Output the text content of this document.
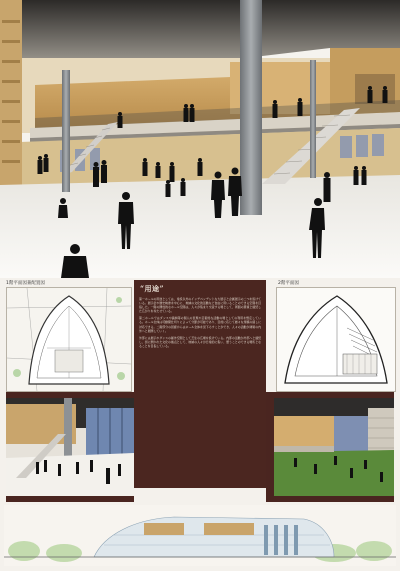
1階平面図兼配置図	2階平面図
“用途”
第一ホールの用途としては、常設以外のインデペンデントな大展示と企画展示の二つを設けている。展示会や歴史映像を中心に、地域の文化的活動など自由に用いることのできる空間を目指した。一階の開放的なホール空間は、人々が集まり交流する場として、周囲の環境と連続した広がりを持たせている。
第二ホールではダンスや演劇等の個人の表現や芸術的な活動の場としての利用を想定している。ホール全体は可動間仕切りによって分節が可能であり、目的に応じて様々な規模の催しに対応できる。二階部分の回廊からはホール全体を見下ろすことができ、人々の活動が建築の内外へと展開していく。
外部には展示やダンスの屋外空間として芝生の広場を設けている。内部の活動が外部へと連続し、街に開かれた文化の拠点として、地域の人々が日常的に集い、憩うことのできる場所となることを目指している。
